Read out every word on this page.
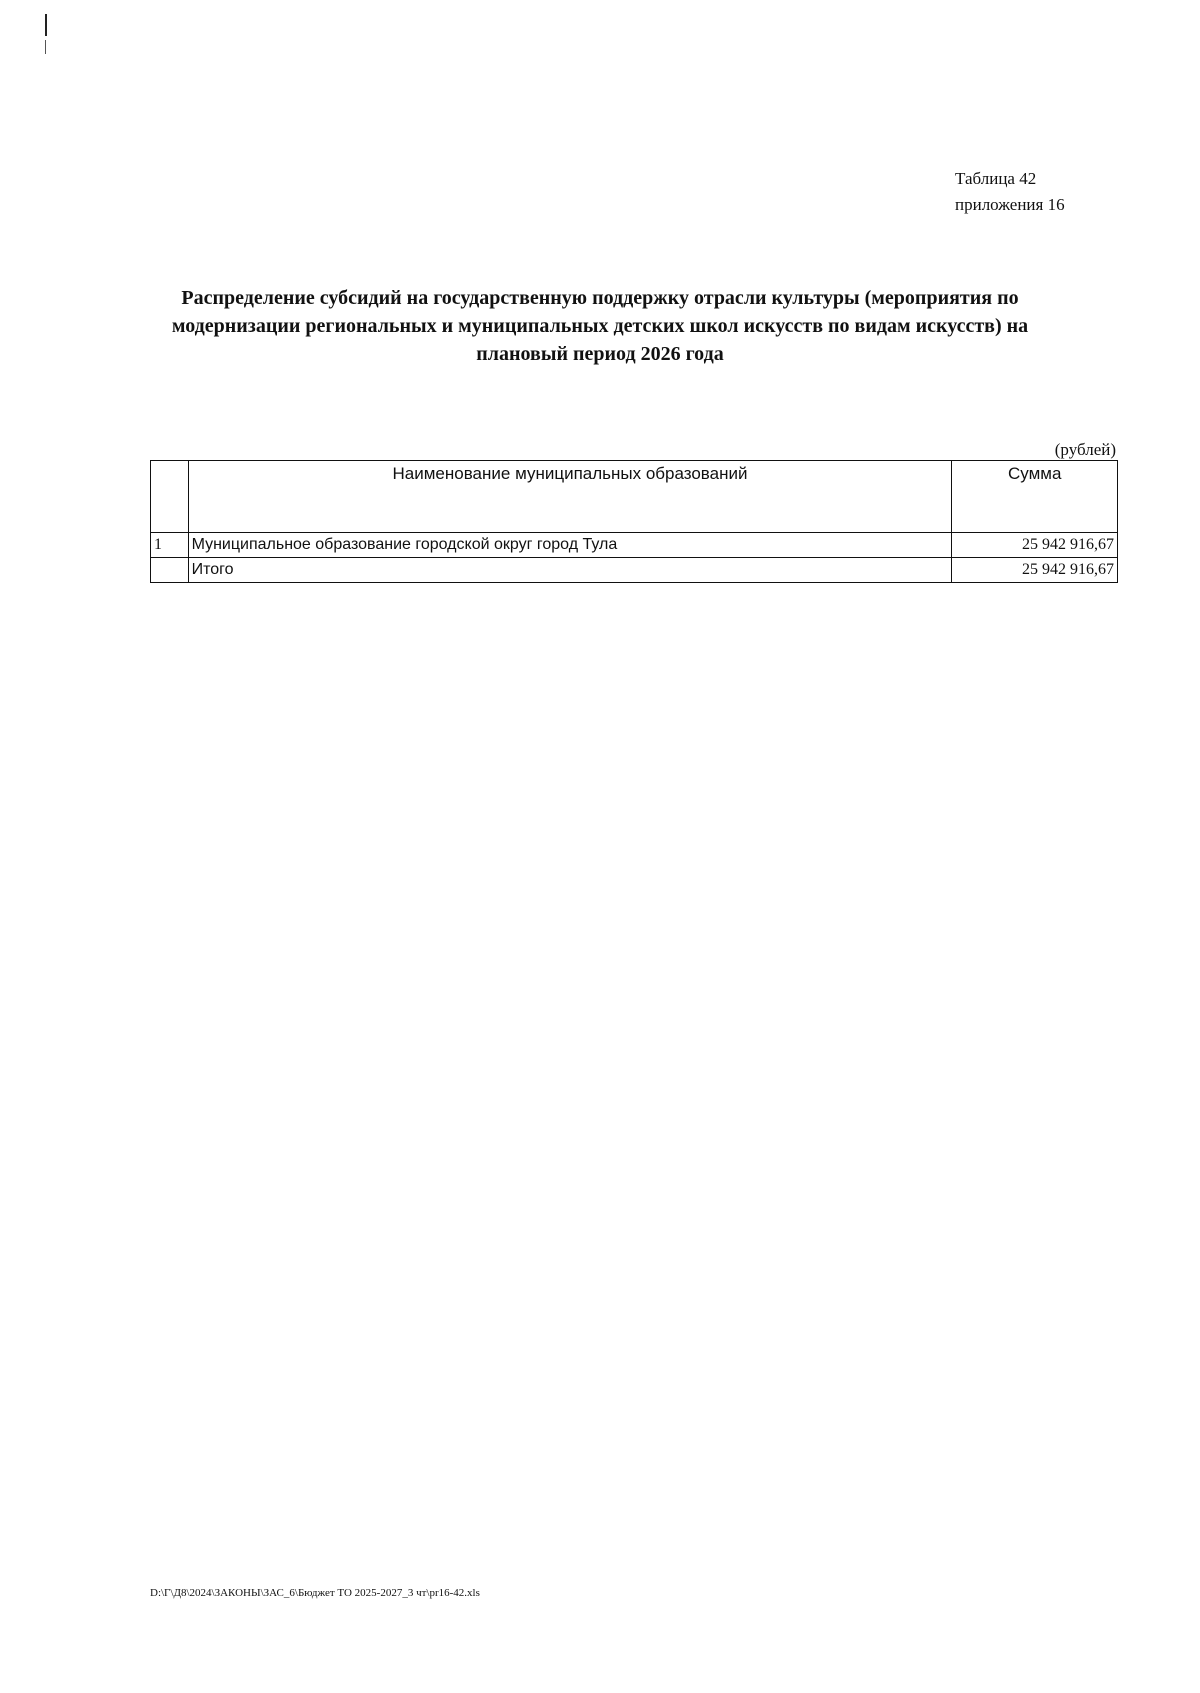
Таблица 42
приложения 16
Распределение субсидий на государственную поддержку отрасли культуры (мероприятия по
модернизации региональных и муниципальных детских школ искусств по видам искусств) на
плановый период 2026 года
(рублей)
	Наименование муниципальных образований	Сумма
1	Муниципальное образование городской округ город Тула	25 942 916,67
	Итого	25 942 916,67
D:\Г\Д8\2024\ЗАКОНЫ\ЗАС_6\Бюджет ТО 2025-2027_3 чт\pr16-42.xls
